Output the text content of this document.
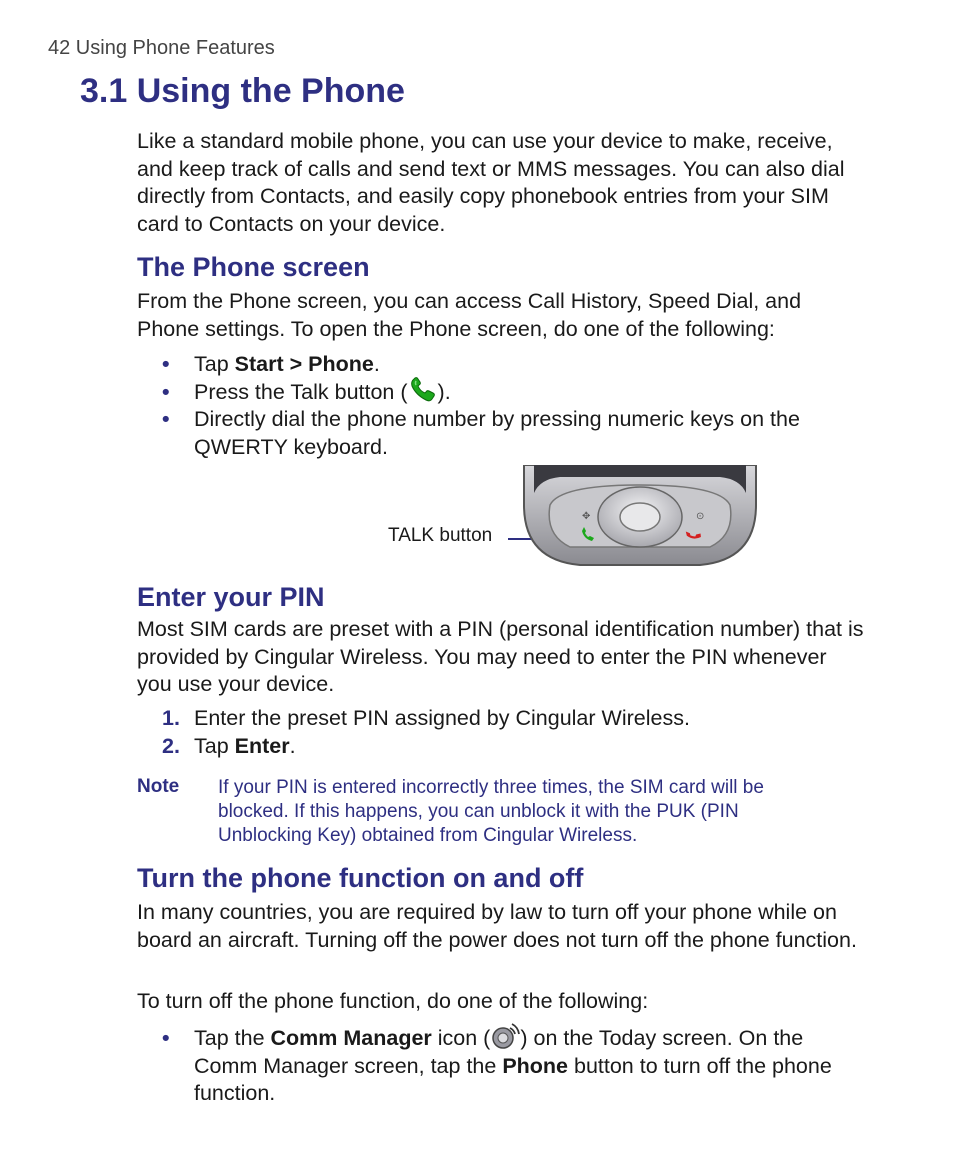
42 Using Phone Features
3.1 Using the Phone
Like a standard mobile phone, you can use your device to make, receive, and keep track of calls and send text or MMS messages. You can also dial directly from Contacts, and easily copy phonebook entries from your SIM card to Contacts on your device.
The Phone screen
From the Phone screen, you can access Call History, Speed Dial, and Phone settings. To open the Phone screen, do one of the following:
• Tap Start > Phone.
• Press the Talk button ( ).
• Directly dial the phone number by pressing numeric keys on the QWERTY keyboard.
TALK button
✥	⊙
Enter your PIN
Most SIM cards are preset with a PIN (personal identification number) that is provided by Cingular Wireless. You may need to enter the PIN whenever you use your device.
1. Enter the preset PIN assigned by Cingular Wireless.
2. Tap Enter.
Note If your PIN is entered incorrectly three times, the SIM card will be blocked. If this happens, you can unblock it with the PUK (PIN Unblocking Key) obtained from Cingular Wireless.
Turn the phone function on and off
In many countries, you are required by law to turn off your phone while on board an aircraft. Turning off the power does not turn off the phone function.
To turn off the phone function, do one of the following:
• Tap the Comm Manager icon ( ) on the Today screen. On the Comm Manager screen, tap the Phone button to turn off the phone function.
